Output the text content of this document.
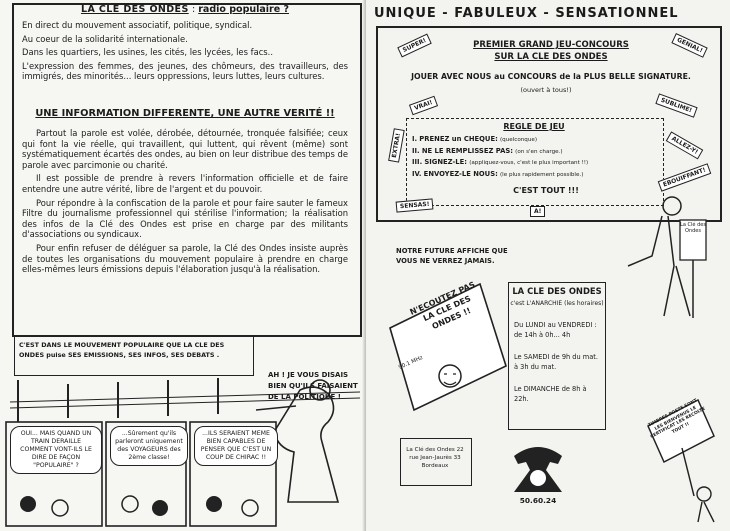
LA CLE DES ONDES : radio populaire ?

En direct du mouvement associatif, politique, syndical.

Au coeur de la solidarité internationale.

Dans les quartiers, les usines, les cités, les lycées, les facs..

L'expression des femmes, des jeunes, des chômeurs, des travailleurs, des immigrés, des minorités... leurs oppressions, leurs luttes, leurs cultures.

UNE INFORMATION DIFFERENTE, UNE AUTRE VERITÉ !!

Partout la parole est volée, dérobée, détournée, tronquée falsifiée; ceux qui font la vie réelle, qui travaillent, qui luttent, qui rêvent (même) sont systématiquement écartés des ondes, au bien on leur distribue des temps de parole avec parcimonie ou charité.

Il est possible de prendre à revers l'information officielle et de faire entendre une autre vérité, libre de l'argent et du pouvoir.

Pour répondre à la confiscation de la parole et pour faire sauter le fameux Filtre du journalisme professionnel qui stérilise l'information; la réalisation des infos de la Clé des Ondes est prise en charge par des militants d'associations ou syndicaux.

Pour enfin refuser de déléguer sa parole, la Clé des Ondes insiste auprès de toutes les organisations du mouvement populaire à prendre en charge elles-mêmes leurs émissions depuis l'élaboration jusqu'à la réalisation.

C'EST DANS LE MOUVEMENT POPULAIRE QUE LA CLE DES ONDES puise SES EMISSIONS, SES INFOS, SES DEBATS .
AH ! JE VOUS DISAIS BIEN QU'ILS FAISAIENT DE LA POLITIQUE !
OUI... MAIS QUAND UN TRAIN DERAILLE COMMENT VONT-ILS LE DIRE DE FAÇON "POPULAIRE" ?
...Sûrement qu'ils parleront uniquement des VOYAGEURS des 2ème classe!
...ILS SERAIENT MEME BIEN CAPABLES DE PENSER QUE C'EST UN COUP DE CHIRAC !!
UNIQUE - FABULEUX - SENSATIONNEL
PREMIER GRAND JEU-CONCOURS
SUR LA CLE DES ONDES
JOUER AVEC NOUS au CONCOURS de la PLUS BELLE SIGNATURE.
(ouvert à tous!)
REGLE DE JEU
I. PRENEZ un CHEQUE: (quelconque)
II. NE LE REMPLISSEZ PAS: (on s'en charge.)
III. SIGNEZ-LE: (appliquez-vous, c'est le plus important !!)
IV. ENVOYEZ-LE NOUS: (le plus rapidement possible.)
C'EST TOUT !!!
SUPER!	GENIAL!
VRAI!	SUBLIME!
EXTRA!	ALLEZ-Y!
EBOUIFFANT!
SENSAS!
A!
La Clé des Ondes
NOTRE FUTURE AFFICHE QUE VOUS NE VERREZ JAMAIS.
N'ECOUTEZ PAS LA CLE DES ONDES !!
90.1 MHz
LA CLE DES ONDES
c'est L'ANARCHIE (les horaires)
Du LUNDI au VENDREDI : de 14h à 0h... 4h
Le SAMEDI de 9h du mat. à 3h du mat.
Le DIMANCHE de 8h à 22h.
La Clé des Ondes 22 rue Jean-Jaurès 33 Bordeaux
50.60.24
TIMBRES POSTE SONT LES BIENVENUS LE CERTIFICAT LES RECOLTE TOUT !!
